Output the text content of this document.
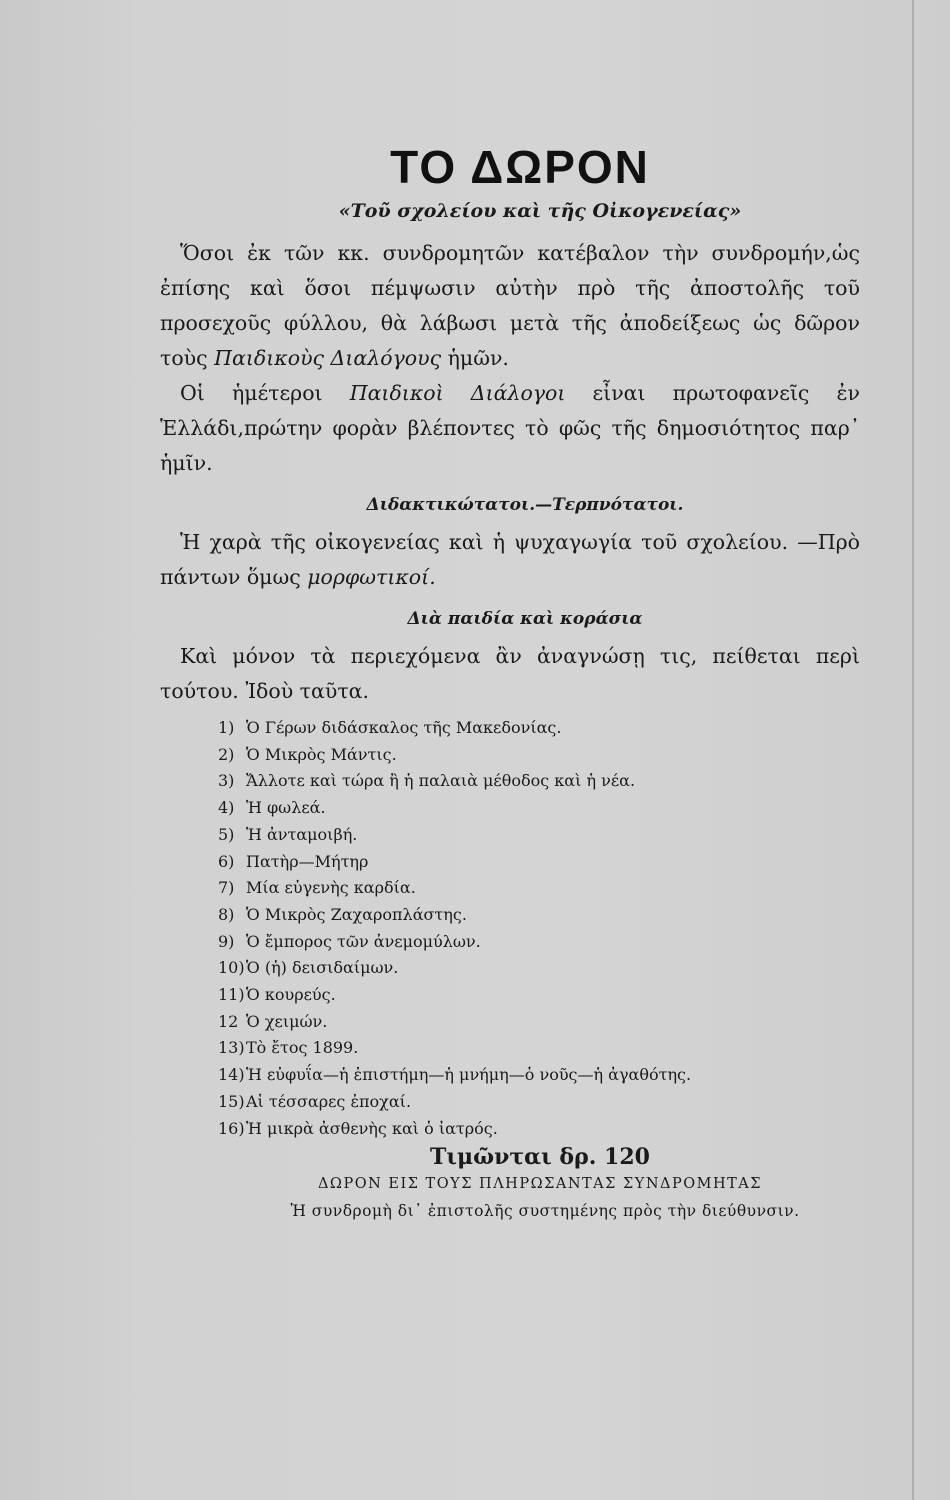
ΤΟ ΔΩΡΟΝ
«Τοῦ σχολείου καὶ τῆς Οἰκογενείας»

Ὅσοι ἐκ τῶν κκ. συνδρομητῶν κατέβαλον τὴν συνδρομήν,ὡς ἐπίσης καὶ ὅσοι πέμψωσιν αὐτὴν πρὸ τῆς ἀποστολῆς τοῦ προσεχοῦς φύλλου, θὰ λάβωσι μετὰ τῆς ἀποδείξεως ὡς δῶρον τοὺς Παιδικοὺς Διαλόγους ἡμῶν.

Οἱ ἡμέτεροι Παιδικοὶ Διάλογοι εἶναι πρωτοφανεῖς ἐν Ἑλλάδι,πρώτην φορὰν βλέποντες τὸ φῶς τῆς δημοσιότητος παρ᾿ ἡμῖν.

Διδακτικώτατοι.—Τερπνότατοι.

Ἡ χαρὰ τῆς οἰκογενείας καὶ ἡ ψυχαγωγία τοῦ σχολείου. —Πρὸ πάντων ὅμως μορφωτικοί.

Διὰ παιδία καὶ κοράσια

Καὶ μόνον τὰ περιεχόμενα ἂν ἀναγνώσῃ τις, πείθεται περὶ τούτου. Ἰδοὺ ταῦτα.

1) Ὁ Γέρων διδάσκαλος τῆς Μακεδονίας.
2) Ὁ Μικρὸς Μάντις.
3) Ἄλλοτε καὶ τώρα ἢ ἡ παλαιὰ μέθοδος καὶ ἡ νέα.
4) Ἡ φωλεά.
5) Ἡ ἀνταμοιβή.
6) Πατὴρ—Μήτηρ
7) Μία εὐγενὴς καρδία.
8) Ὁ Μικρὸς Ζαχαροπλάστης.
9) Ὁ ἔμπορος τῶν ἀνεμομύλων.
10)Ὁ (ἡ) δεισιδαίμων.
11)Ὁ κουρεύς.
12 Ὁ χειμών.
13)Τὸ ἔτος 1899.
14)Ἡ εὐφυΐα—ἡ ἐπιστήμη—ἡ μνήμη—ὁ νοῦς—ἡ ἀγαθότης.
15)Αἱ τέσσαρες ἐποχαί.
16)Ἡ μικρὰ ἀσθενὴς καὶ ὁ ἰατρός.
Τιμῶνται δρ. 120
ΔΩΡΟΝ ΕΙΣ ΤΟΥΣ ΠΛΗΡΩΣΑΝΤΑΣ ΣΥΝΔΡΟΜΗΤΑΣ
Ἡ συνδρομὴ δι᾿ ἐπιστολῆς συστημένης πρὸς τὴν διεύθυνσιν.
